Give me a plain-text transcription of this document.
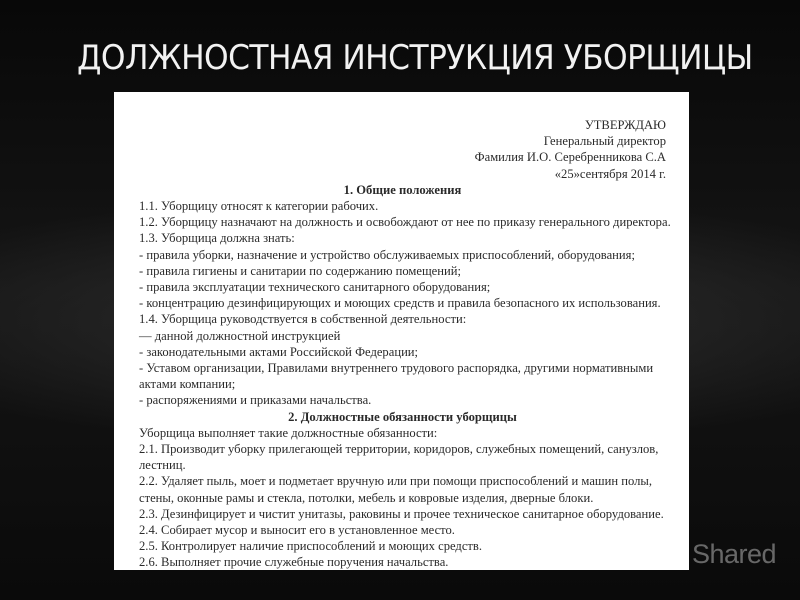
ДОЛЖНОСТНАЯ ИНСТРУКЦИЯ УБОРЩИЦЫ
УТВЕРЖДАЮ
Генеральный директор
Фамилия И.О. Серебренникова С.А
«25»сентября 2014 г.
1. Общие положения
1.1. Уборщицу относят к категории рабочих.
1.2. Уборщицу назначают на должность и освобождают от нее по приказу генерального директора.
1.3. Уборщица должна знать:
- правила уборки, назначение и устройство обслуживаемых приспособлений, оборудования;
- правила гигиены и санитарии по содержанию помещений;
- правила эксплуатации технического санитарного оборудования;
- концентрацию дезинфицирующих и моющих средств и правила безопасного их использования.
1.4. Уборщица руководствуется в собственной деятельности:
— данной должностной инструкцией
- законодательными актами Российской Федерации;
- Уставом организации, Правилами внутреннего трудового распорядка, другими нормативными
актами компании;
- распоряжениями и приказами начальства.
2. Должностные обязанности уборщицы
Уборщица выполняет такие должностные обязанности:
2.1. Производит уборку прилегающей территории, коридоров, служебных помещений, санузлов,
лестниц.
2.2. Удаляет пыль, моет и подметает вручную или при помощи приспособлений и машин полы,
стены, оконные рамы и стекла, потолки, мебель и ковровые изделия, дверные блоки.
2.3. Дезинфицирует и чистит унитазы, раковины и прочее техническое санитарное оборудование.
2.4. Собирает мусор и выносит его в установленное место.
2.5. Контролирует наличие приспособлений и моющих средств.
2.6. Выполняет прочие служебные поручения начальства.	Shared
